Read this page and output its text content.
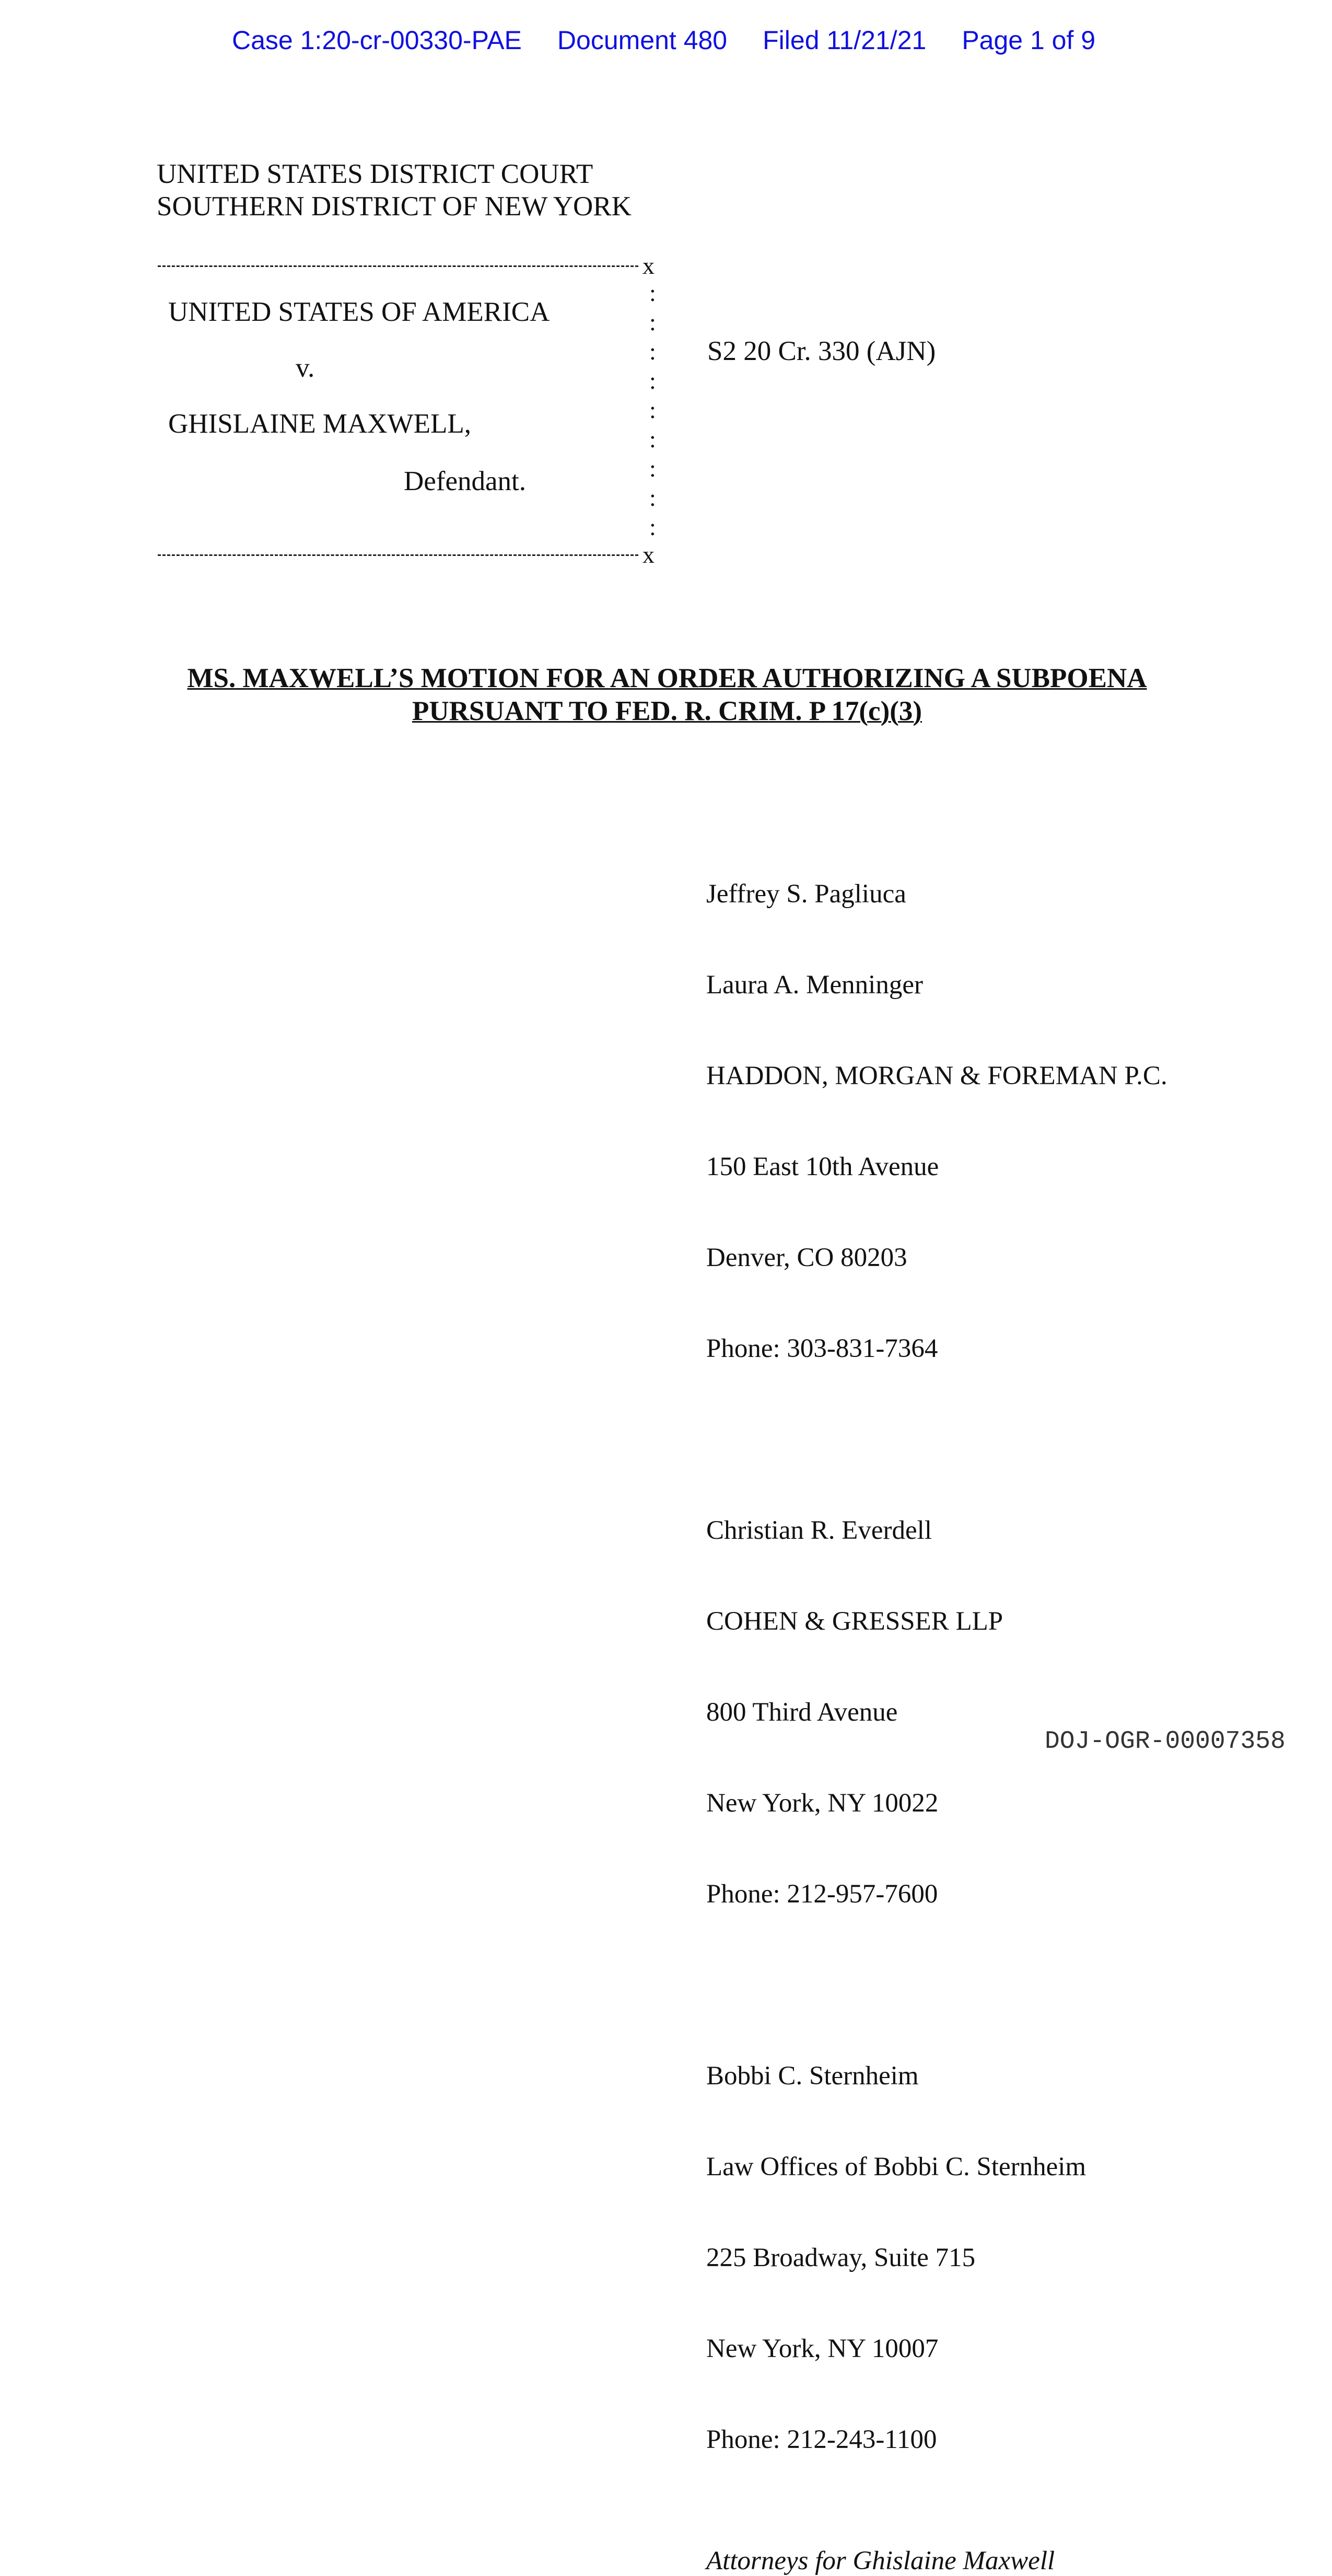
Case 1:20-cr-00330-PAE Document 480 Filed 11/21/21 Page 1 of 9
UNITED STATES DISTRICT COURT
SOUTHERN DISTRICT OF NEW YORK
x
x
:
:
:
:
:
:
:
:
:
UNITED STATES OF AMERICA
v.
GHISLAINE MAXWELL,
Defendant.
S2 20 Cr. 330 (AJN)
MS. MAXWELL’S MOTION FOR AN ORDER AUTHORIZING A SUBPOENA
PURSUANT TO FED. R. CRIM. P 17(c)(3)

Jeffrey S. Pagliuca

Laura A. Menninger

HADDON, MORGAN & FOREMAN P.C.

150 East 10th Avenue

Denver, CO 80203

Phone: 303-831-7364

Christian R. Everdell

COHEN & GRESSER LLP

800 Third Avenue

New York, NY 10022

Phone: 212-957-7600

Bobbi C. Sternheim

Law Offices of Bobbi C. Sternheim

225 Broadway, Suite 715

New York, NY 10007

Phone: 212-243-1100

Attorneys for Ghislaine Maxwell
DOJ-OGR-00007358
